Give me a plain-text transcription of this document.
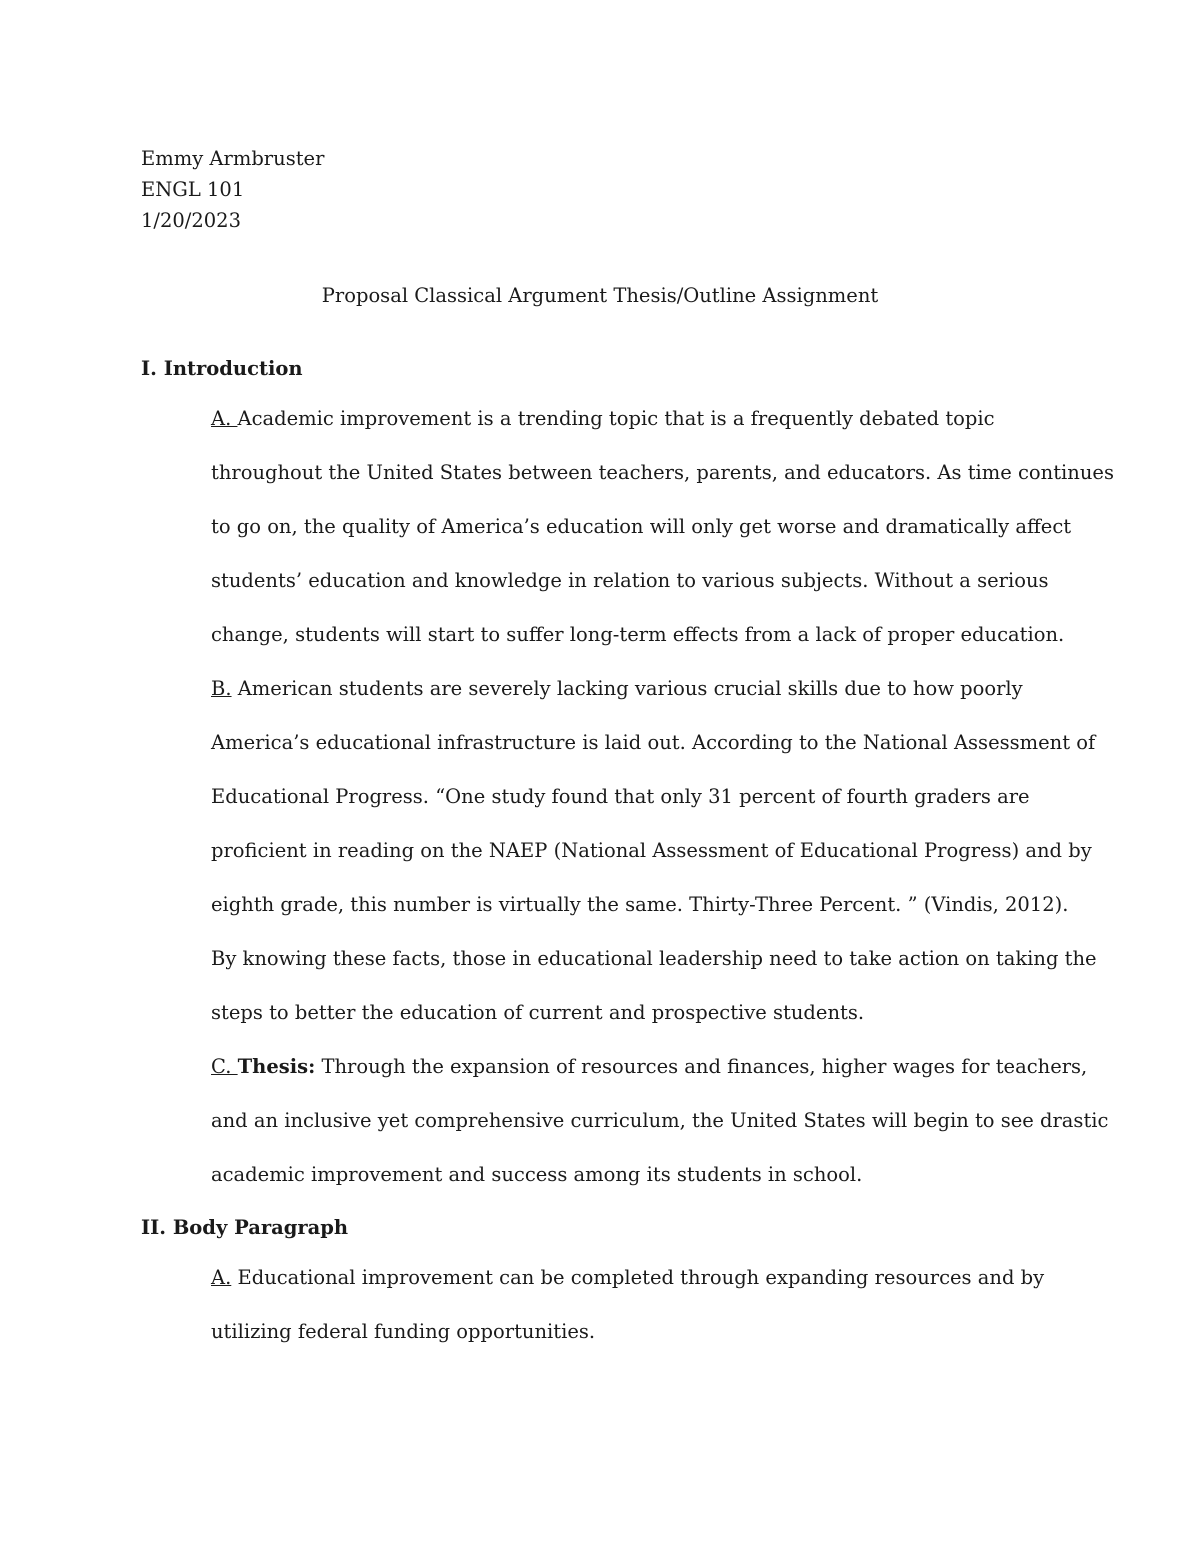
Emmy Armbruster
ENGL 101
1/20/2023
Proposal Classical Argument Thesis/Outline Assignment
I. Introduction
A. Academic improvement is a trending topic that is a frequently debated topic
throughout the United States between teachers, parents, and educators. As time continues
to go on, the quality of America’s education will only get worse and dramatically affect
students’ education and knowledge in relation to various subjects. Without a serious
change, students will start to suffer long-term effects from a lack of proper education.
B. American students are severely lacking various crucial skills due to how poorly
America’s educational infrastructure is laid out. According to the National Assessment of
Educational Progress. “One study found that only 31 percent of fourth graders are
proficient in reading on the NAEP (National Assessment of Educational Progress) and by
eighth grade, this number is virtually the same. Thirty-Three Percent. ” (Vindis, 2012).
By knowing these facts, those in educational leadership need to take action on taking the
steps to better the education of current and prospective students.
C. Thesis: Through the expansion of resources and finances, higher wages for teachers,
and an inclusive yet comprehensive curriculum, the United States will begin to see drastic
academic improvement and success among its students in school.
II. Body Paragraph
A. Educational improvement can be completed through expanding resources and by
utilizing federal funding opportunities.
